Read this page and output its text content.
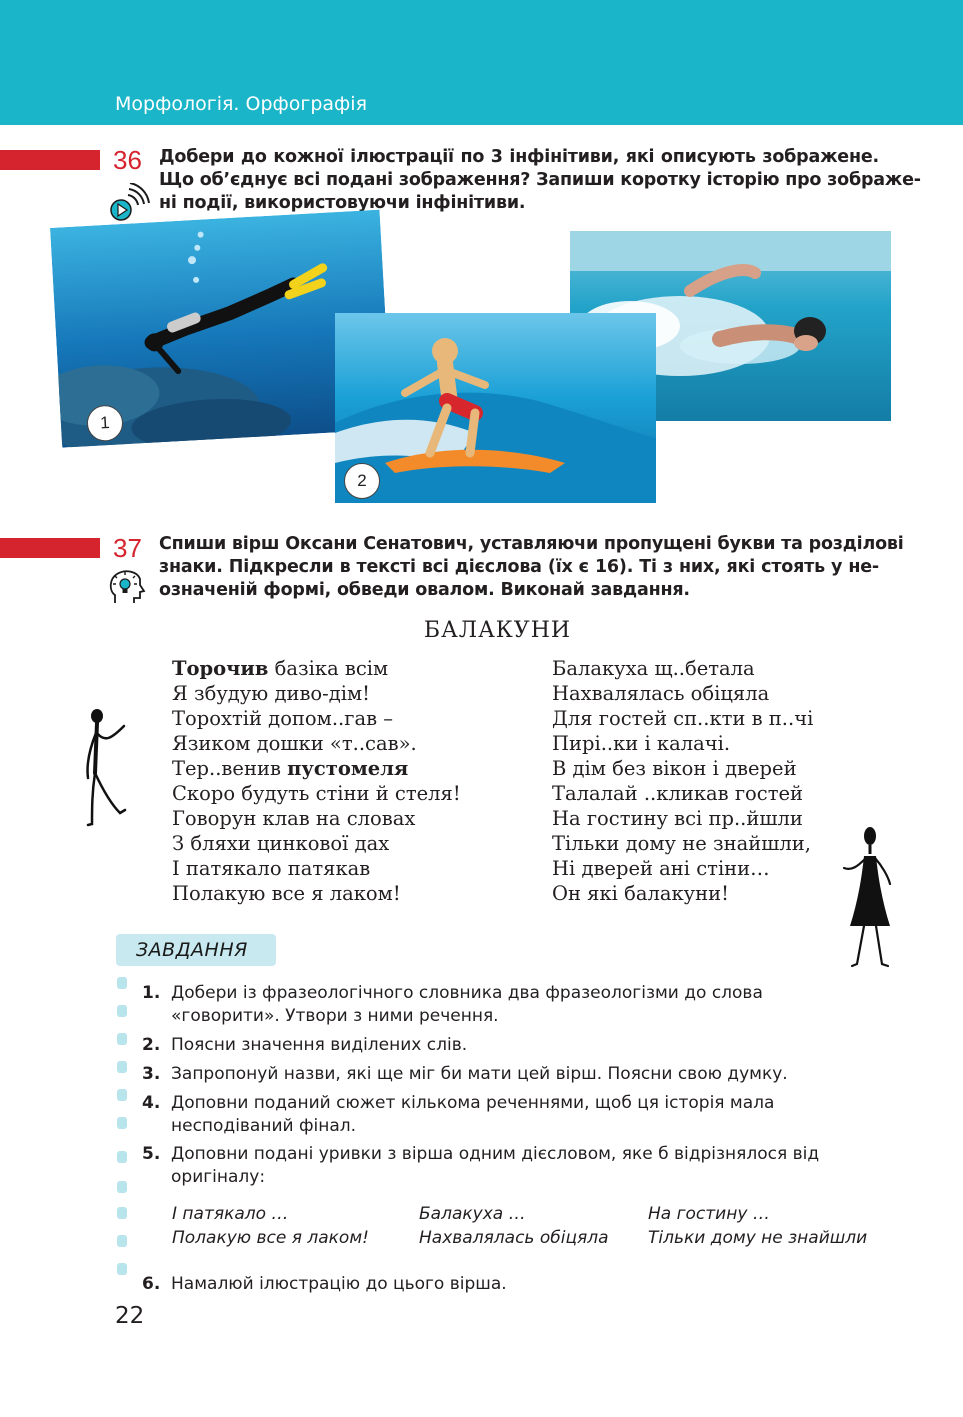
Морфологія. Орфографія
36 Добери до кожної ілюстрації по 3 інфінітиви, які описують зображене.
Що об’єднує всі подані зображення? Запиши коротку історію про зображе-
ні події, використовуючи інфінітиви.
1
2
37 Спиши вірш Оксани Сенатович, уставляючи пропущені букви та розділові
знаки. Підкресли в тексті всі дієслова (їх є 16). Ті з них, які стоять у не-
означеній формі, обведи овалом. Виконай завдання.
БАЛАКУНИ
Торочив базіка всім
Я збудую диво-дім!
Торохтій допом..гав –
Язиком дошки «т..сав».
Тер..венив пустомеля
Скоро будуть стіни й стеля!
Говорун клав на словах
З бляхи цинкової дах
І патякало патякав
Полакую все я лаком!
Балакуха щ..бетала
Нахвалялась обіцяла
Для гостей сп..кти в п..чі
Пирі..ки і калачі.
В дім без вікон і дверей
Талалай ..кликав гостей
На гостину всі пр..йшли
Тільки дому не знайшли,
Ні дверей ані стіни…
Он які балакуни!
ЗАВДАННЯ
1. Добери із фразеологічного словника два фразеологізми до слова «говорити». Утвори з ними речення.
2. Поясни значення виділених слів.
3. Запропонуй назви, які ще міг би мати цей вірш. Поясни свою думку.
4. Доповни поданий сюжет кількома реченнями, щоб ця історія мала несподіваний фінал.
5. Доповни подані уривки з вірша одним дієсловом, яке б відрізнялося від оригіналу:
І патякало …
Полакую все я лаком!
Балакуха …
Нахвалялась обіцяла
На гостину …
Тільки дому не знайшли
6. Намалюй ілюстрацію до цього вірша.
22
